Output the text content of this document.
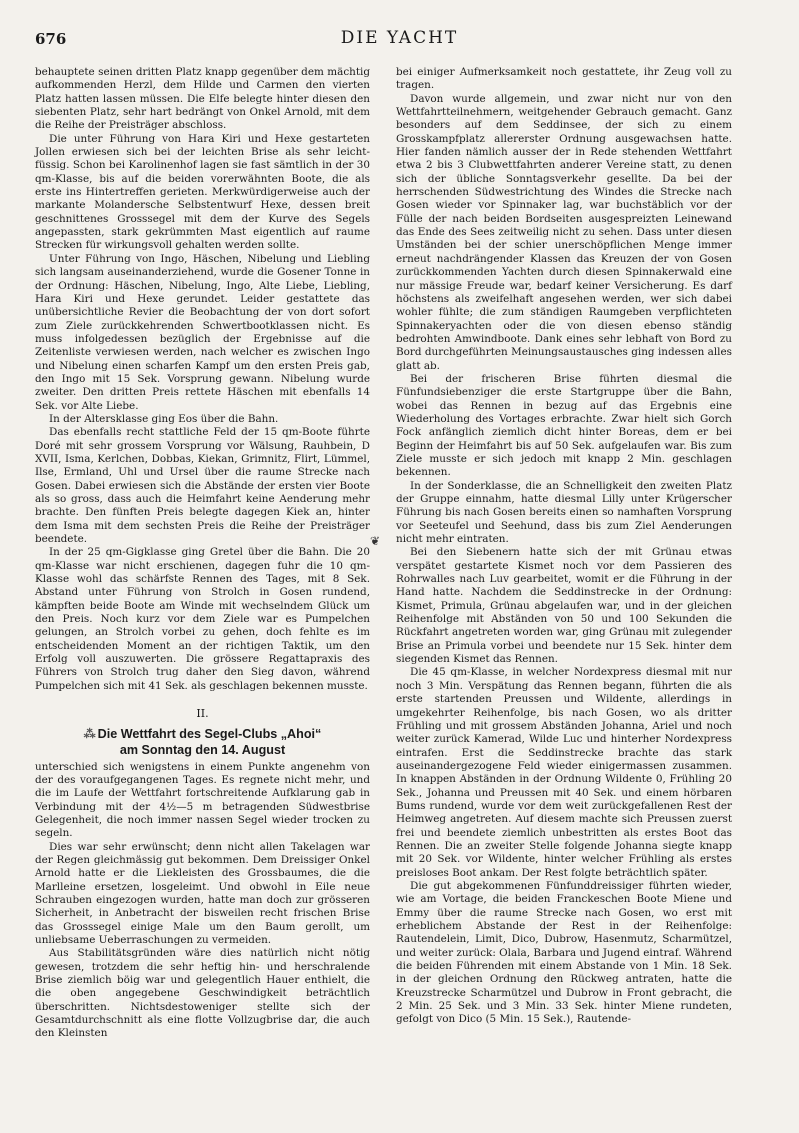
676	DIE YACHT

behauptete seinen dritten Platz knapp gegenüber dem mächtig aufkommenden Herzl, dem Hilde und Carmen den vierten Platz hatten lassen müssen. Die Elfe belegte hinter diesen den siebenten Platz, sehr hart bedrängt von Onkel Arnold, mit dem die Reihe der Preisträger abschloss.

Die unter Führung von Hara Kiri und Hexe gestarteten Jollen erwiesen sich bei der leichten Brise als sehr leicht-füssig. Schon bei Karolinenhof lagen sie fast sämtlich in der 30 qm-Klasse, bis auf die beiden vorerwähnten Boote, die als erste ins Hintertreffen gerieten. Merkwürdigerweise auch der markante Molandersche Selbstentwurf Hexe, dessen breit geschnittenes Grosssegel mit dem der Kurve des Segels angepassten, stark gekrümmten Mast eigentlich auf raume Strecken für wirkungsvoll gehalten werden sollte.

Unter Führung von Ingo, Häschen, Nibelung und Liebling sich langsam auseinanderziehend, wurde die Gosener Tonne in der Ordnung: Häschen, Nibelung, Ingo, Alte Liebe, Liebling, Hara Kiri und Hexe gerundet. Leider gestattete das unübersichtliche Revier die Beobachtung der von dort sofort zum Ziele zurückkehrenden Schwertbootklassen nicht. Es muss infolgedessen bezüglich der Ergebnisse auf die Zeitenliste verwiesen werden, nach welcher es zwischen Ingo und Nibelung einen scharfen Kampf um den ersten Preis gab, den Ingo mit 15 Sek. Vorsprung gewann. Nibelung wurde zweiter. Den dritten Preis rettete Häschen mit ebenfalls 14 Sek. vor Alte Liebe.

In der Altersklasse ging Eos über die Bahn.

Das ebenfalls recht stattliche Feld der 15 qm-Boote führte Doré mit sehr grossem Vorsprung vor Wälsung, Rauhbein, D XVII, Isma, Kerlchen, Dobbas, Kiekan, Grimnitz, Flirt, Lümmel, Ilse, Ermland, Uhl und Ursel über die raume Strecke nach Gosen. Dabei erwiesen sich die Abstände der ersten vier Boote als so gross, dass auch die Heimfahrt keine Aenderung mehr brachte. Den fünften Preis belegte dagegen Kiek an, hinter dem Isma mit dem sechsten Preis die Reihe der Preisträger beendete.

In der 25 qm-Gigklasse ging Gretel über die Bahn. Die 20 qm-Klasse war nicht erschienen, dagegen fuhr die 10 qm-Klasse wohl das schärfste Rennen des Tages, mit 8 Sek. Abstand unter Führung von Strolch in Gosen rundend, kämpften beide Boote am Winde mit wechselndem Glück um den Preis. Noch kurz vor dem Ziele war es Pumpelchen gelungen, an Strolch vorbei zu gehen, doch fehlte es im entscheidenden Moment an der richtigen Taktik, um den Erfolg voll auszuwerten. Die grössere Regattapraxis des Führers von Strolch trug daher den Sieg davon, während Pumpelchen sich mit 41 Sek. als geschlagen bekennen musste.

II.
⁂ Die Wettfahrt des Segel-Clubs „Ahoi“
am Sonntag den 14. August

unterschied sich wenigstens in einem Punkte angenehm von der des voraufgegangenen Tages. Es regnete nicht mehr, und die im Laufe der Wettfahrt fortschreitende Aufklarung gab in Verbindung mit der 4½—5 m betragenden Südwestbrise Gelegenheit, die noch immer nassen Segel wieder trocken zu segeln.

Dies war sehr erwünscht; denn nicht allen Takelagen war der Regen gleichmässig gut bekommen. Dem Dreissiger Onkel Arnold hatte er die Liekleisten des Grossbaumes, die die Marlleine ersetzen, losgeleimt. Und obwohl in Eile neue Schrauben eingezogen wurden, hatte man doch zur grösseren Sicherheit, in Anbetracht der bisweilen recht frischen Brise das Grosssegel einige Male um den Baum gerollt, um unliebsame Ueberraschungen zu vermeiden.

Aus Stabilitätsgründen wäre dies natürlich nicht nötig gewesen, trotzdem die sehr heftig hin- und herschralende Brise ziemlich böig war und gelegentlich Hauer enthielt, die die oben angegebene Geschwindigkeit beträchtlich überschritten. Nichtsdestoweniger stellte sich der Gesamtdurchschnitt als eine flotte Vollzugbrise dar, die auch den Kleinsten

❦

bei einiger Aufmerksamkeit noch gestattete, ihr Zeug voll zu tragen.

Davon wurde allgemein, und zwar nicht nur von den Wettfahrtteilnehmern, weitgehender Gebrauch gemacht. Ganz besonders auf dem Seddinsee, der sich zu einem Grosskampfplatz allererster Ordnung ausgewachsen hatte. Hier fanden nämlich ausser der in Rede stehenden Wettfahrt etwa 2 bis 3 Clubwettfahrten anderer Vereine statt, zu denen sich der übliche Sonntagsverkehr gesellte. Da bei der herrschenden Südwestrichtung des Windes die Strecke nach Gosen wieder vor Spinnaker lag, war buchstäblich vor der Fülle der nach beiden Bordseiten ausgespreizten Leinewand das Ende des Sees zeitweilig nicht zu sehen. Dass unter diesen Umständen bei der schier unerschöpflichen Menge immer erneut nachdrängender Klassen das Kreuzen der von Gosen zurückkommenden Yachten durch diesen Spinnakerwald eine nur mässige Freude war, bedarf keiner Versicherung. Es darf höchstens als zweifelhaft angesehen werden, wer sich dabei wohler fühlte; die zum ständigen Raumgeben verpflichteten Spinnakeryachten oder die von diesen ebenso ständig bedrohten Amwindboote. Dank eines sehr lebhaft von Bord zu Bord durchgeführten Meinungsaustausches ging indessen alles glatt ab.

Bei der frischeren Brise führten diesmal die Fünfundsiebenziger die erste Startgruppe über die Bahn, wobei das Rennen in bezug auf das Ergebnis eine Wiederholung des Vortages erbrachte. Zwar hielt sich Gorch Fock anfänglich ziemlich dicht hinter Boreas, dem er bei Beginn der Heimfahrt bis auf 50 Sek. aufgelaufen war. Bis zum Ziele musste er sich jedoch mit knapp 2 Min. geschlagen bekennen.

In der Sonderklasse, die an Schnelligkeit den zweiten Platz der Gruppe einnahm, hatte diesmal Lilly unter Krügerscher Führung bis nach Gosen bereits einen so namhaften Vorsprung vor Seeteufel und Seehund, dass bis zum Ziel Aenderungen nicht mehr eintraten.

Bei den Siebenern hatte sich der mit Grünau etwas verspätet gestartete Kismet noch vor dem Passieren des Rohrwalles nach Luv gearbeitet, womit er die Führung in der Hand hatte. Nachdem die Seddinstrecke in der Ordnung: Kismet, Primula, Grünau abgelaufen war, und in der gleichen Reihenfolge mit Abständen von 50 und 100 Sekunden die Rückfahrt angetreten worden war, ging Grünau mit zulegender Brise an Primula vorbei und beendete nur 15 Sek. hinter dem siegenden Kismet das Rennen.

Die 45 qm-Klasse, in welcher Nordexpress diesmal mit nur noch 3 Min. Verspätung das Rennen begann, führten die als erste startenden Preussen und Wildente, allerdings in umgekehrter Reihenfolge, bis nach Gosen, wo als dritter Frühling und mit grossem Abständen Johanna, Ariel und noch weiter zurück Kamerad, Wilde Luc und hinterher Nordexpress eintrafen. Erst die Seddinstrecke brachte das stark auseinandergezogene Feld wieder einigermassen zusammen. In knappen Abständen in der Ordnung Wildente 0, Frühling 20 Sek., Johanna und Preussen mit 40 Sek. und einem hörbaren Bums rundend, wurde vor dem weit zurückgefallenen Rest der Heimweg angetreten. Auf diesem machte sich Preussen zuerst frei und beendete ziemlich unbestritten als erstes Boot das Rennen. Die an zweiter Stelle folgende Johanna siegte knapp mit 20 Sek. vor Wildente, hinter welcher Frühling als erstes preisloses Boot ankam. Der Rest folgte beträchtlich später.

Die gut abgekommenen Fünfunddreissiger führten wieder, wie am Vortage, die beiden Franckeschen Boote Miene und Emmy über die raume Strecke nach Gosen, wo erst mit erheblichem Abstande der Rest in der Reihenfolge: Rautendelein, Limit, Dico, Dubrow, Hasenmutz, Scharmützel, und weiter zurück: Olala, Barbara und Jugend eintraf. Während die beiden Führenden mit einem Abstande von 1 Min. 18 Sek. in der gleichen Ordnung den Rückweg antraten, hatte die Kreuzstrecke Scharmützel und Dubrow in Front gebracht, die 2 Min. 25 Sek. und 3 Min. 33 Sek. hinter Miene rundeten, gefolgt von Dico (5 Min. 15 Sek.), Rautende-
